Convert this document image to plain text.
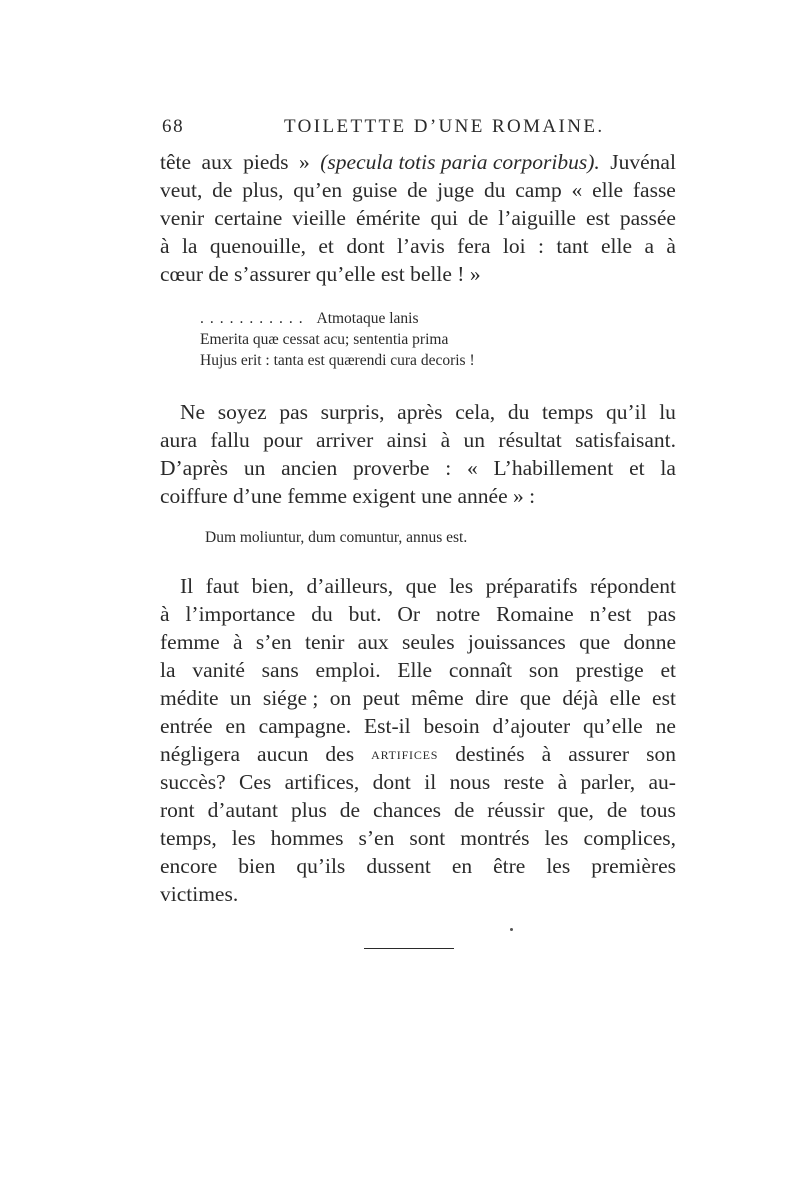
68	TOILETTTE D’UNE ROMAINE.
tête aux pieds » (specula totis paria corporibus). Juvénal
veut, de plus, qu’en guise de juge du camp « elle fasse
venir certaine vieille émérite qui de l’aiguille est passée
à la quenouille, et dont l’avis fera loi : tant elle a à
cœur de s’assurer qu’elle est belle ! »
........... Atmotaque lanis
Emerita quæ cessat acu; sententia prima
Hujus erit : tanta est quærendi cura decoris !
Ne soyez pas surpris, après cela, du temps qu’il lu
aura fallu pour arriver ainsi à un résultat satisfaisant.
D’après un ancien proverbe : « L’habillement et la
coiffure d’une femme exigent une année » :
Dum moliuntur, dum comuntur, annus est.
Il faut bien, d’ailleurs, que les préparatifs répondent
à l’importance du but. Or notre Romaine n’est pas
femme à s’en tenir aux seules jouissances que donne
la vanité sans emploi. Elle connaît son prestige et
médite un siége ; on peut même dire que déjà elle est
entrée en campagne. Est-il besoin d’ajouter qu’elle ne
négligera aucun des artifices destinés à assurer son
succès? Ces artifices, dont il nous reste à parler, au-
ront d’autant plus de chances de réussir que, de tous
temps, les hommes s’en sont montrés les complices,
encore bien qu’ils dussent en être les premières
victimes.
